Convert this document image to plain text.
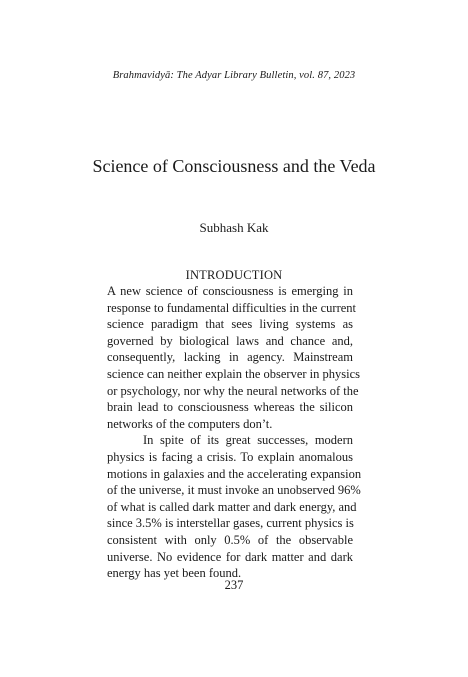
Brahmavidyā: The Adyar Library Bulletin, vol. 87, 2023
Science of Consciousness and the Veda
Subhash Kak
INTRODUCTION
A new science of consciousness is emerging in
response to fundamental difficulties in the current
science paradigm that sees living systems as
governed by biological laws and chance and,
consequently, lacking in agency. Mainstream
science can neither explain the observer in physics
or psychology, nor why the neural networks of the
brain lead to consciousness whereas the silicon
networks of the computers don’t.
In spite of its great successes, modern
physics is facing a crisis. To explain anomalous
motions in galaxies and the accelerating expansion
of the universe, it must invoke an unobserved 96%
of what is called dark matter and dark energy, and
since 3.5% is interstellar gases, current physics is
consistent with only 0.5% of the observable
universe. No evidence for dark matter and dark
energy has yet been found.
237
